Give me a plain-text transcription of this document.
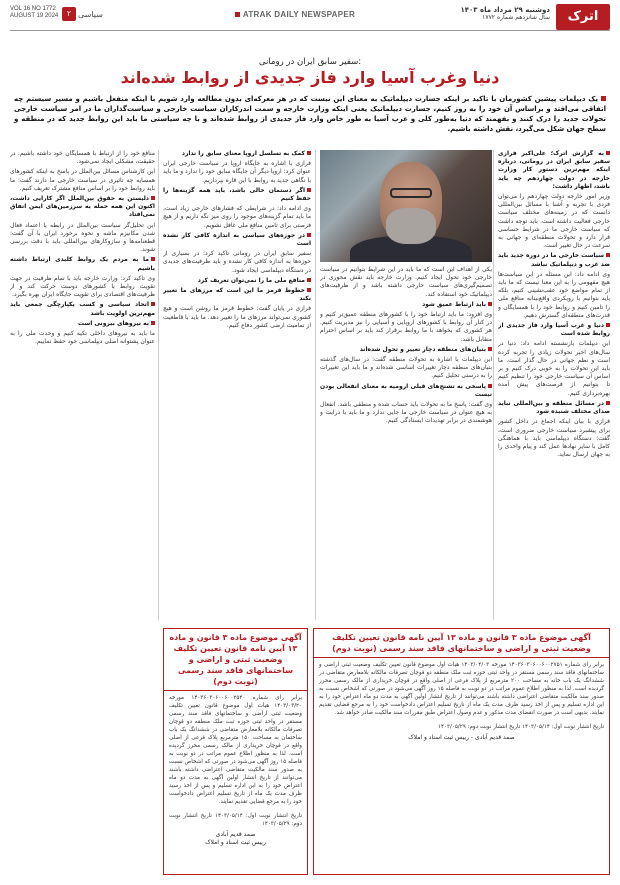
اترک
دوشنبه ۲۹ مرداد ماه ۱۴۰۳
سال شانزدهم شماره ۱۷۷۲
ATRAK DAILY NEWSPAPER
سیاسی
۲
VOL 16 NO 1772
AUGUST 19 2024
سفیر سابق ایران در رومانی:
دنیا وغرب آسیا وارد فاز جدیدی از روابط شده‌اند
یک دیپلمات پیشین کشورمان با تاکید بر اینکه جسارت دیپلماتیک به معنای این نیست که در هر معرکه‌ای بدون مطالعه وارد شویم با اینکه منفعل باشیم و مسیر سیستم چه اتفاقی می‌افتد و براساس آن خود را به روز کنیم، جسارت دیپلماتیک یعنی اینکه وزارت خارجه و سمت اندرکاران سیاست خارجی و سیاست‌گذاران ما در امر سیاست خارجی تحولات جدید را درک کنند و بفهمند که دنیا به‌طور کلی و غرب آسیا به طور خاص وارد فاز جدیدی از روابط شده‌اند و با چه سیاستی ما باید این روابط جدید که در منطقه و سطح جهان شکل می‌گیرد، نقش داشته باشیم.

به گزارش اترک؛ علی‌اکبر فرازی سفیر سابق ایران در رومانی، درباره اینکه مهم‌ترین دستور کار وزارت خارجه در دولت چهاردهم چه باید باشد، اظهار داشت:

وزیر امور خارجه دولت چهاردهم را می‌توان فردی با تجربه و آشنا با مسائل بین‌المللی دانست که در زمینه‌های مختلف سیاست خارجی فعالیت داشته است. باید توجه داشت که سیاست خارجی ما در شرایط حساسی قرار دارد و تحولات منطقه‌ای و جهانی به سرعت در حال تغییر است.

سیاست خارجی ما در دوره جدید باید ضد غرب و دیپلماتیک نباشد

وی ادامه داد: این مسئله در این سیاست‌ها هیچ مفهومی را به این معنا نیست که ما باید از تمام مواضع خود عقب‌نشینی کنیم، بلکه باید بتوانیم با رویکردی واقع‌بینانه منافع ملی را تامین کنیم و روابط خود را با همسایگان و قدرت‌های منطقه‌ای گسترش دهیم.

دنیا و غرب آسیا وارد فاز جدیدی از روابط شده است

این دیپلمات بازنشسته ادامه داد: دنیا در سال‌های اخیر تحولات زیادی را تجربه کرده است و نظم جهانی در حال گذار است. ما باید این تحولات را به خوبی درک کنیم و بر اساس آن سیاست خارجی خود را تنظیم کنیم تا بتوانیم از فرصت‌های پیش آمده بهره‌برداری کنیم.

در مسائل منطقه و بین‌المللی نباید صدای مختلف شنیده شود

فرازی با بیان اینکه اجماع در داخل کشور برای پیشبرد سیاست خارجی ضروری است، گفت: دستگاه دیپلماسی باید با هماهنگی کامل با سایر نهادها عمل کند و پیام واحدی را به جهان ارسال نماید.

یکی از اهداف این است که ما باید در این شرایط بتوانیم در سیاست خارجی خود تحول ایجاد کنیم. وزارت خارجه باید نقش محوری در تصمیم‌گیری‌های سیاست خارجی داشته باشد و از ظرفیت‌های دیپلماتیک خود استفاده کند.

باید ارتباط عمیق شود

وی افزود: ما باید ارتباط خود را با کشورهای منطقه عمیق‌تر کنیم و در کنار آن روابط با کشورهای اروپایی و آسیایی را نیز مدیریت کنیم. هر کشوری که بخواهد با ما روابط برقرار کند باید بر اساس احترام متقابل باشد.

بنیان‌های منطقه دچار تغییر و تحول شده‌اند

این دیپلمات با اشاره به تحولات منطقه گفت: در سال‌های گذشته بنیان‌های منطقه دچار تغییرات اساسی شده‌اند و ما باید این تغییرات را به درستی تحلیل کنیم.

پاسخی به تشنج‌های قبلی ارومیه به معنای انفعالی بودن نیست

وی گفت: پاسخ ما به تحولات باید حساب شده و منطقی باشد. انفعال به هیچ عنوان در سیاست خارجی ما جایی ندارد و ما باید با درایت و هوشمندی در برابر تهدیدات ایستادگی کنیم.

کمک به تسلسل اروپا معنای سابق را ندارد

فرازی با اشاره به جایگاه اروپا در سیاست خارجی ایران عنوان کرد: اروپا دیگر آن جایگاه سابق خود را ندارد و ما باید با نگاهی جدید به روابط با این قاره بپردازیم.

اگر دستمان خالی باشد، باید همه گزینه‌ها را حفظ کنیم

وی ادامه داد: در شرایطی که فشارهای خارجی زیاد است، ما باید تمام گزینه‌های موجود را روی میز نگه داریم و از هیچ فرصتی برای تامین منافع ملی غافل نشویم.

در حوزه‌های سیاسی به اندازه کافی کار نشده است

سفیر سابق ایران در رومانی تاکید کرد: در بسیاری از حوزه‌ها به اندازه کافی کار نشده و باید ظرفیت‌های جدیدی در دستگاه دیپلماسی ایجاد شود.

منافع ملی ما را نمی‌توان تعریف کرد

خطوط قرمز ما این است که مرزهای ما تغییر نکند

فرازی در پایان گفت: خطوط قرمز ما روشن است و هیچ کشوری نمی‌تواند مرزهای ما را تغییر دهد. ما باید با قاطعیت از تمامیت ارضی کشور دفاع کنیم.

منافع خود را از ارتباط با همسایگان خود داشته باشیم. در حقیقت، مشکلی ایجاد نمی‌شود.

این کارشناس مسائل بین‌الملل در پاسخ به اینکه کشورهای همسایه چه تاثیری در سیاست خارجی ما دارند گفت: ما باید روابط خود را بر اساس منافع مشترک تعریف کنیم.

دلیستن به حقوق بین‌الملل اگر کارایی داشت، اکنون این همه حمله به سرزمین‌های ایمن اتفاق نمی‌افتاد

این تحلیل‌گر سیاست بین‌الملل در رابطه با اعتماد فعال شدن مکانیزم ماشه و نحوه برخورد ایران با آن گفت: قطعنامه‌ها و سازوکارهای بین‌المللی باید با دقت بررسی شوند.

ما به مردم یک روابط کلیدی ارتباط داشته باشیم

وی تاکید کرد: وزارت خارجه باید با تمام ظرفیت در جهت تقویت روابط با کشورهای دوست حرکت کند و از ظرفیت‌های اقتصادی برای تقویت جایگاه ایران بهره بگیرد.

اتحاد سیاسی و کسب یکپارچگی جمعی باید مهم‌ترین اولویت باشد

به نیروهای بیرونی است

ما باید به نیروهای داخلی تکیه کنیم و وحدت ملی را به عنوان پشتوانه اصلی دیپلماسی خود حفظ نماییم.

آگهی موضوع ماده ۳ قانون و ماده ۱۳ آیین نامه قانون تعیین تکلیف وضعیت ثبتی و اراضی و ساختمانهای فاقد سند رسمی (نوبت دوم)
برابر رای شماره ۱۴۰۳۶۰۳۰۶۰۰۶۰۰۲۷۵۱ مورخه ۱۴۰۳/۰۴/۰۳ هیات اول موضوع قانون تعیین تکلیف وضعیت ثبتی اراضی و ساختمانهای فاقد سند رسمی مستقر در واحد ثبتی حوزه ثبت ملک منطقه دو قوچان تصرفات مالکانه بلامعارض متقاضی در ششدانگ یک باب خانه به مساحت ۲۰۰ مترمربع از پلاک فرعی از اصلی واقع در قوچان خریداری از مالک رسمی محرز گردیده است. لذا به منظور اطلاع عموم مراتب در دو نوبت به فاصله ۱۵ روز آگهی می‌شود در صورتی که اشخاص نسبت به صدور سند مالکیت متقاضی اعتراضی داشته باشند می‌توانند از تاریخ انتشار اولین آگهی به مدت دو ماه اعتراض خود را به این اداره تسلیم و پس از اخذ رسید ظرف مدت یک ماه از تاریخ تسلیم اعتراض دادخواست خود را به مرجع قضایی تقدیم نمایند. بدیهی است در صورت انقضای مدت مذکور و عدم وصول اعتراض طبق مقررات سند مالکیت صادر خواهد شد.
تاریخ انتشار نوبت اول: ۱۴۰۳/۰۵/۱۴ تاریخ انتشار نوبت دوم: ۱۴۰۳/۰۵/۲۹
صمد قدیم آبادی - رییس ثبت اسناد و املاک
آگهی موضوع ماده ۳ قانون و ماده ۱۳ آیین نامه قانون تعیین تکلیف وضعیت ثبتی و اراضی و ساختمانهای فاقد سند رسمی (نوبت دوم)
برابر رای شماره ۱۴۰۳۶۰۳۰۶۰۰۶۰۰۲۵۴۰ مورخه ۱۴۰۳/۰۳/۲۰ هیات اول موضوع قانون تعیین تکلیف وضعیت ثبتی اراضی و ساختمانهای فاقد سند رسمی مستقر در واحد ثبتی حوزه ثبت ملک منطقه دو قوچان تصرفات مالکانه بلامعارض متقاضی در ششدانگ یک باب ساختمان به مساحت ۱۵۰ مترمربع پلاک فرعی از اصلی واقع در قوچان خریداری از مالک رسمی محرز گردیده است. لذا به منظور اطلاع عموم مراتب در دو نوبت به فاصله ۱۵ روز آگهی می‌شود در صورتی که اشخاص نسبت به صدور سند مالکیت متقاضی اعتراضی داشته باشند می‌توانند از تاریخ انتشار اولین آگهی به مدت دو ماه اعتراض خود را به این اداره تسلیم و پس از اخذ رسید ظرف مدت یک ماه از تاریخ تسلیم اعتراض دادخواست خود را به مرجع قضایی تقدیم نمایند.
تاریخ انتشار نوبت اول: ۱۴۰۳/۰۵/۱۴ تاریخ انتشار نوبت دوم: ۱۴۰۳/۰۵/۲۹
صمد قدیم آبادی
رییس ثبت اسناد و املاک
